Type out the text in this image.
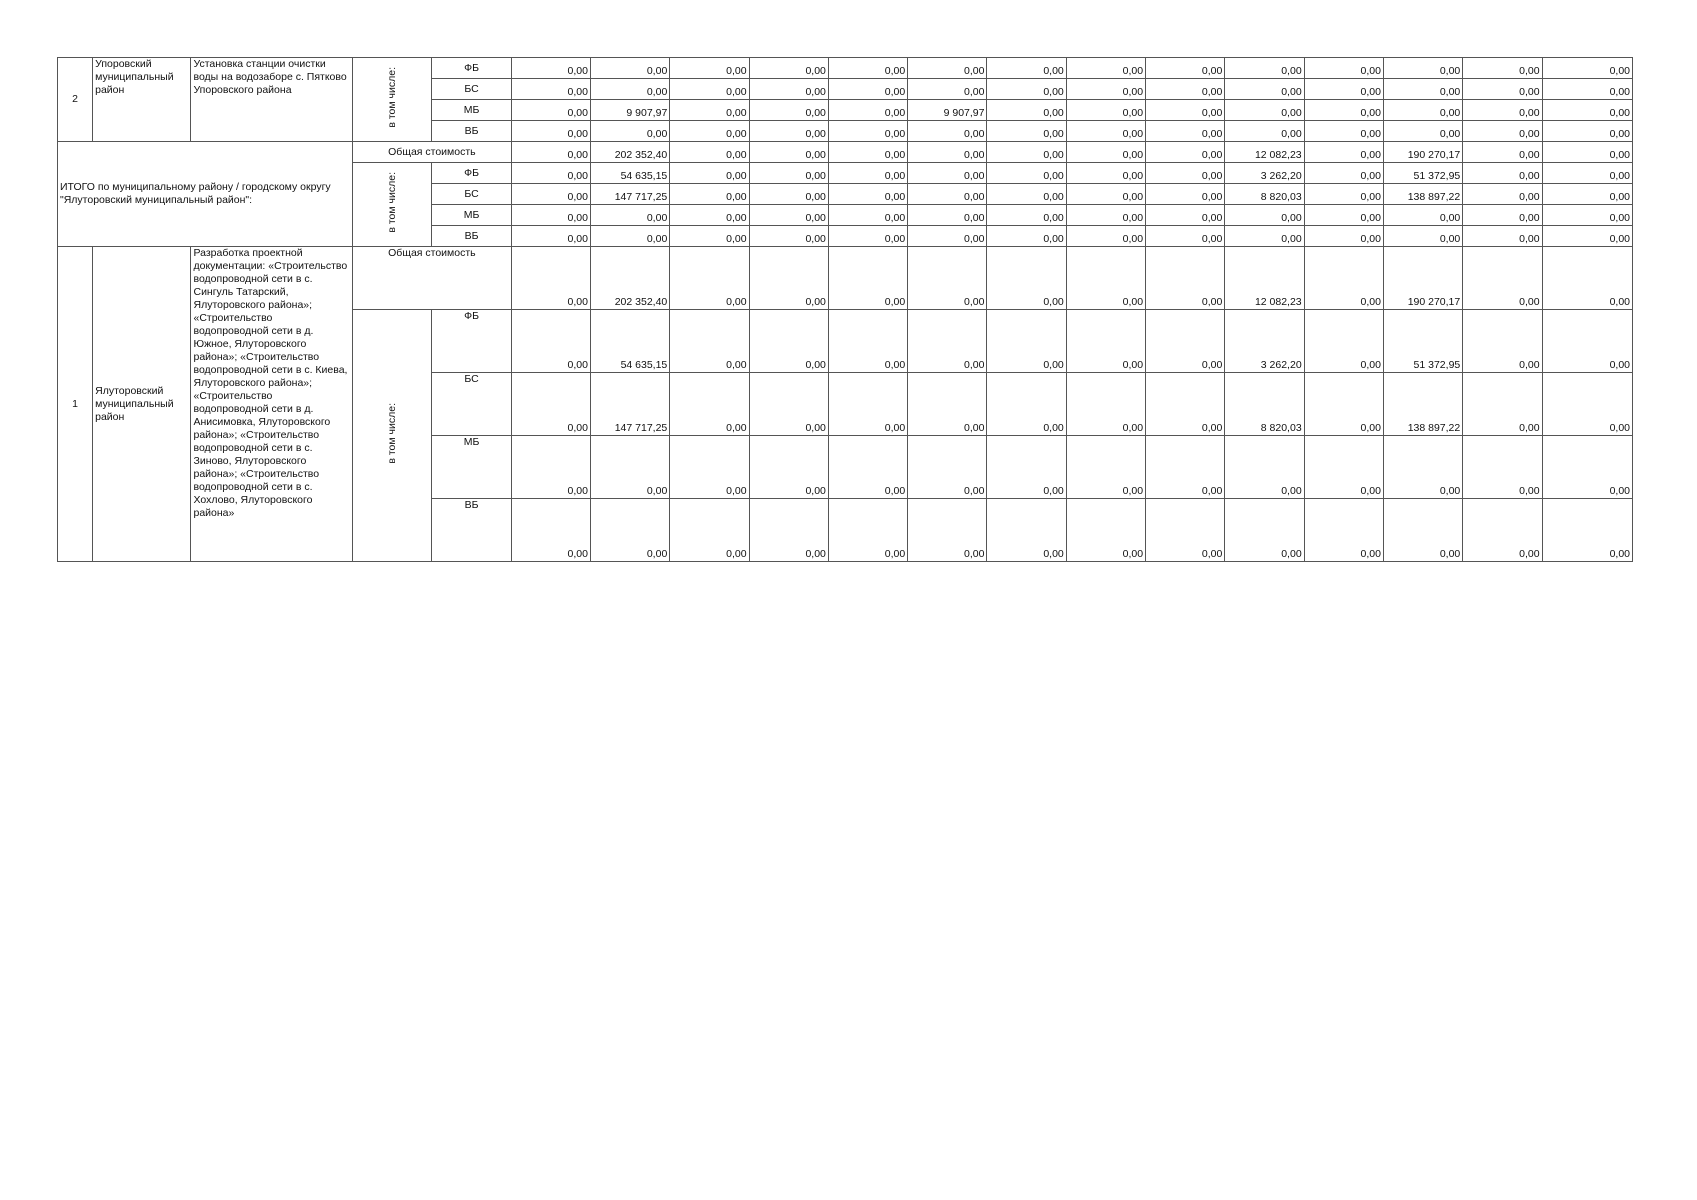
2	Упоровский муниципальный район	Установка станции очистки воды на водозаборе с. Пятково Упоровского района	в том числе:	ФБ	0,00	0,00	0,00	0,00	0,00	0,00	0,00	0,00	0,00	0,00	0,00	0,00	0,00	0,00
				БС	0,00	0,00	0,00	0,00	0,00	0,00	0,00	0,00	0,00	0,00	0,00	0,00	0,00	0,00
				МБ	0,00	9 907,97	0,00	0,00	0,00	9 907,97	0,00	0,00	0,00	0,00	0,00	0,00	0,00	0,00
				ВБ	0,00	0,00	0,00	0,00	0,00	0,00	0,00	0,00	0,00	0,00	0,00	0,00	0,00	0,00
ИТОГО по муниципальному району / городскому округу "Ялуторовский муниципальный район":			Общая стоимость		0,00	202 352,40	0,00	0,00	0,00	0,00	0,00	0,00	0,00	12 082,23	0,00	190 270,17	0,00	0,00
			в том числе:	ФБ	0,00	54 635,15	0,00	0,00	0,00	0,00	0,00	0,00	0,00	3 262,20	0,00	51 372,95	0,00	0,00
				БС	0,00	147 717,25	0,00	0,00	0,00	0,00	0,00	0,00	0,00	8 820,03	0,00	138 897,22	0,00	0,00
				МБ	0,00	0,00	0,00	0,00	0,00	0,00	0,00	0,00	0,00	0,00	0,00	0,00	0,00	0,00
				ВБ	0,00	0,00	0,00	0,00	0,00	0,00	0,00	0,00	0,00	0,00	0,00	0,00	0,00	0,00
1	Ялуторовский муниципальный район	Разработка проектной документации: «Строительство водопроводной сети в с. Сингуль Татарский, Ялуторовского района»; «Строительство водопроводной сети в д. Южное, Ялуторовского района»; «Строительство водопроводной сети в с. Киева, Ялуторовского района»; «Строительство водопроводной сети в д. Анисимовка, Ялуторовского района»; «Строительство водопроводной сети в с. Зиново, Ялуторовского района»; «Строительство водопроводной сети в с. Хохлово, Ялуторовского района»	Общая стоимость		0,00	202 352,40	0,00	0,00	0,00	0,00	0,00	0,00	0,00	12 082,23	0,00	190 270,17	0,00	0,00
			в том числе:	ФБ	0,00	54 635,15	0,00	0,00	0,00	0,00	0,00	0,00	0,00	3 262,20	0,00	51 372,95	0,00	0,00
				БС	0,00	147 717,25	0,00	0,00	0,00	0,00	0,00	0,00	0,00	8 820,03	0,00	138 897,22	0,00	0,00
				МБ	0,00	0,00	0,00	0,00	0,00	0,00	0,00	0,00	0,00	0,00	0,00	0,00	0,00	0,00
				ВБ	0,00	0,00	0,00	0,00	0,00	0,00	0,00	0,00	0,00	0,00	0,00	0,00	0,00	0,00
